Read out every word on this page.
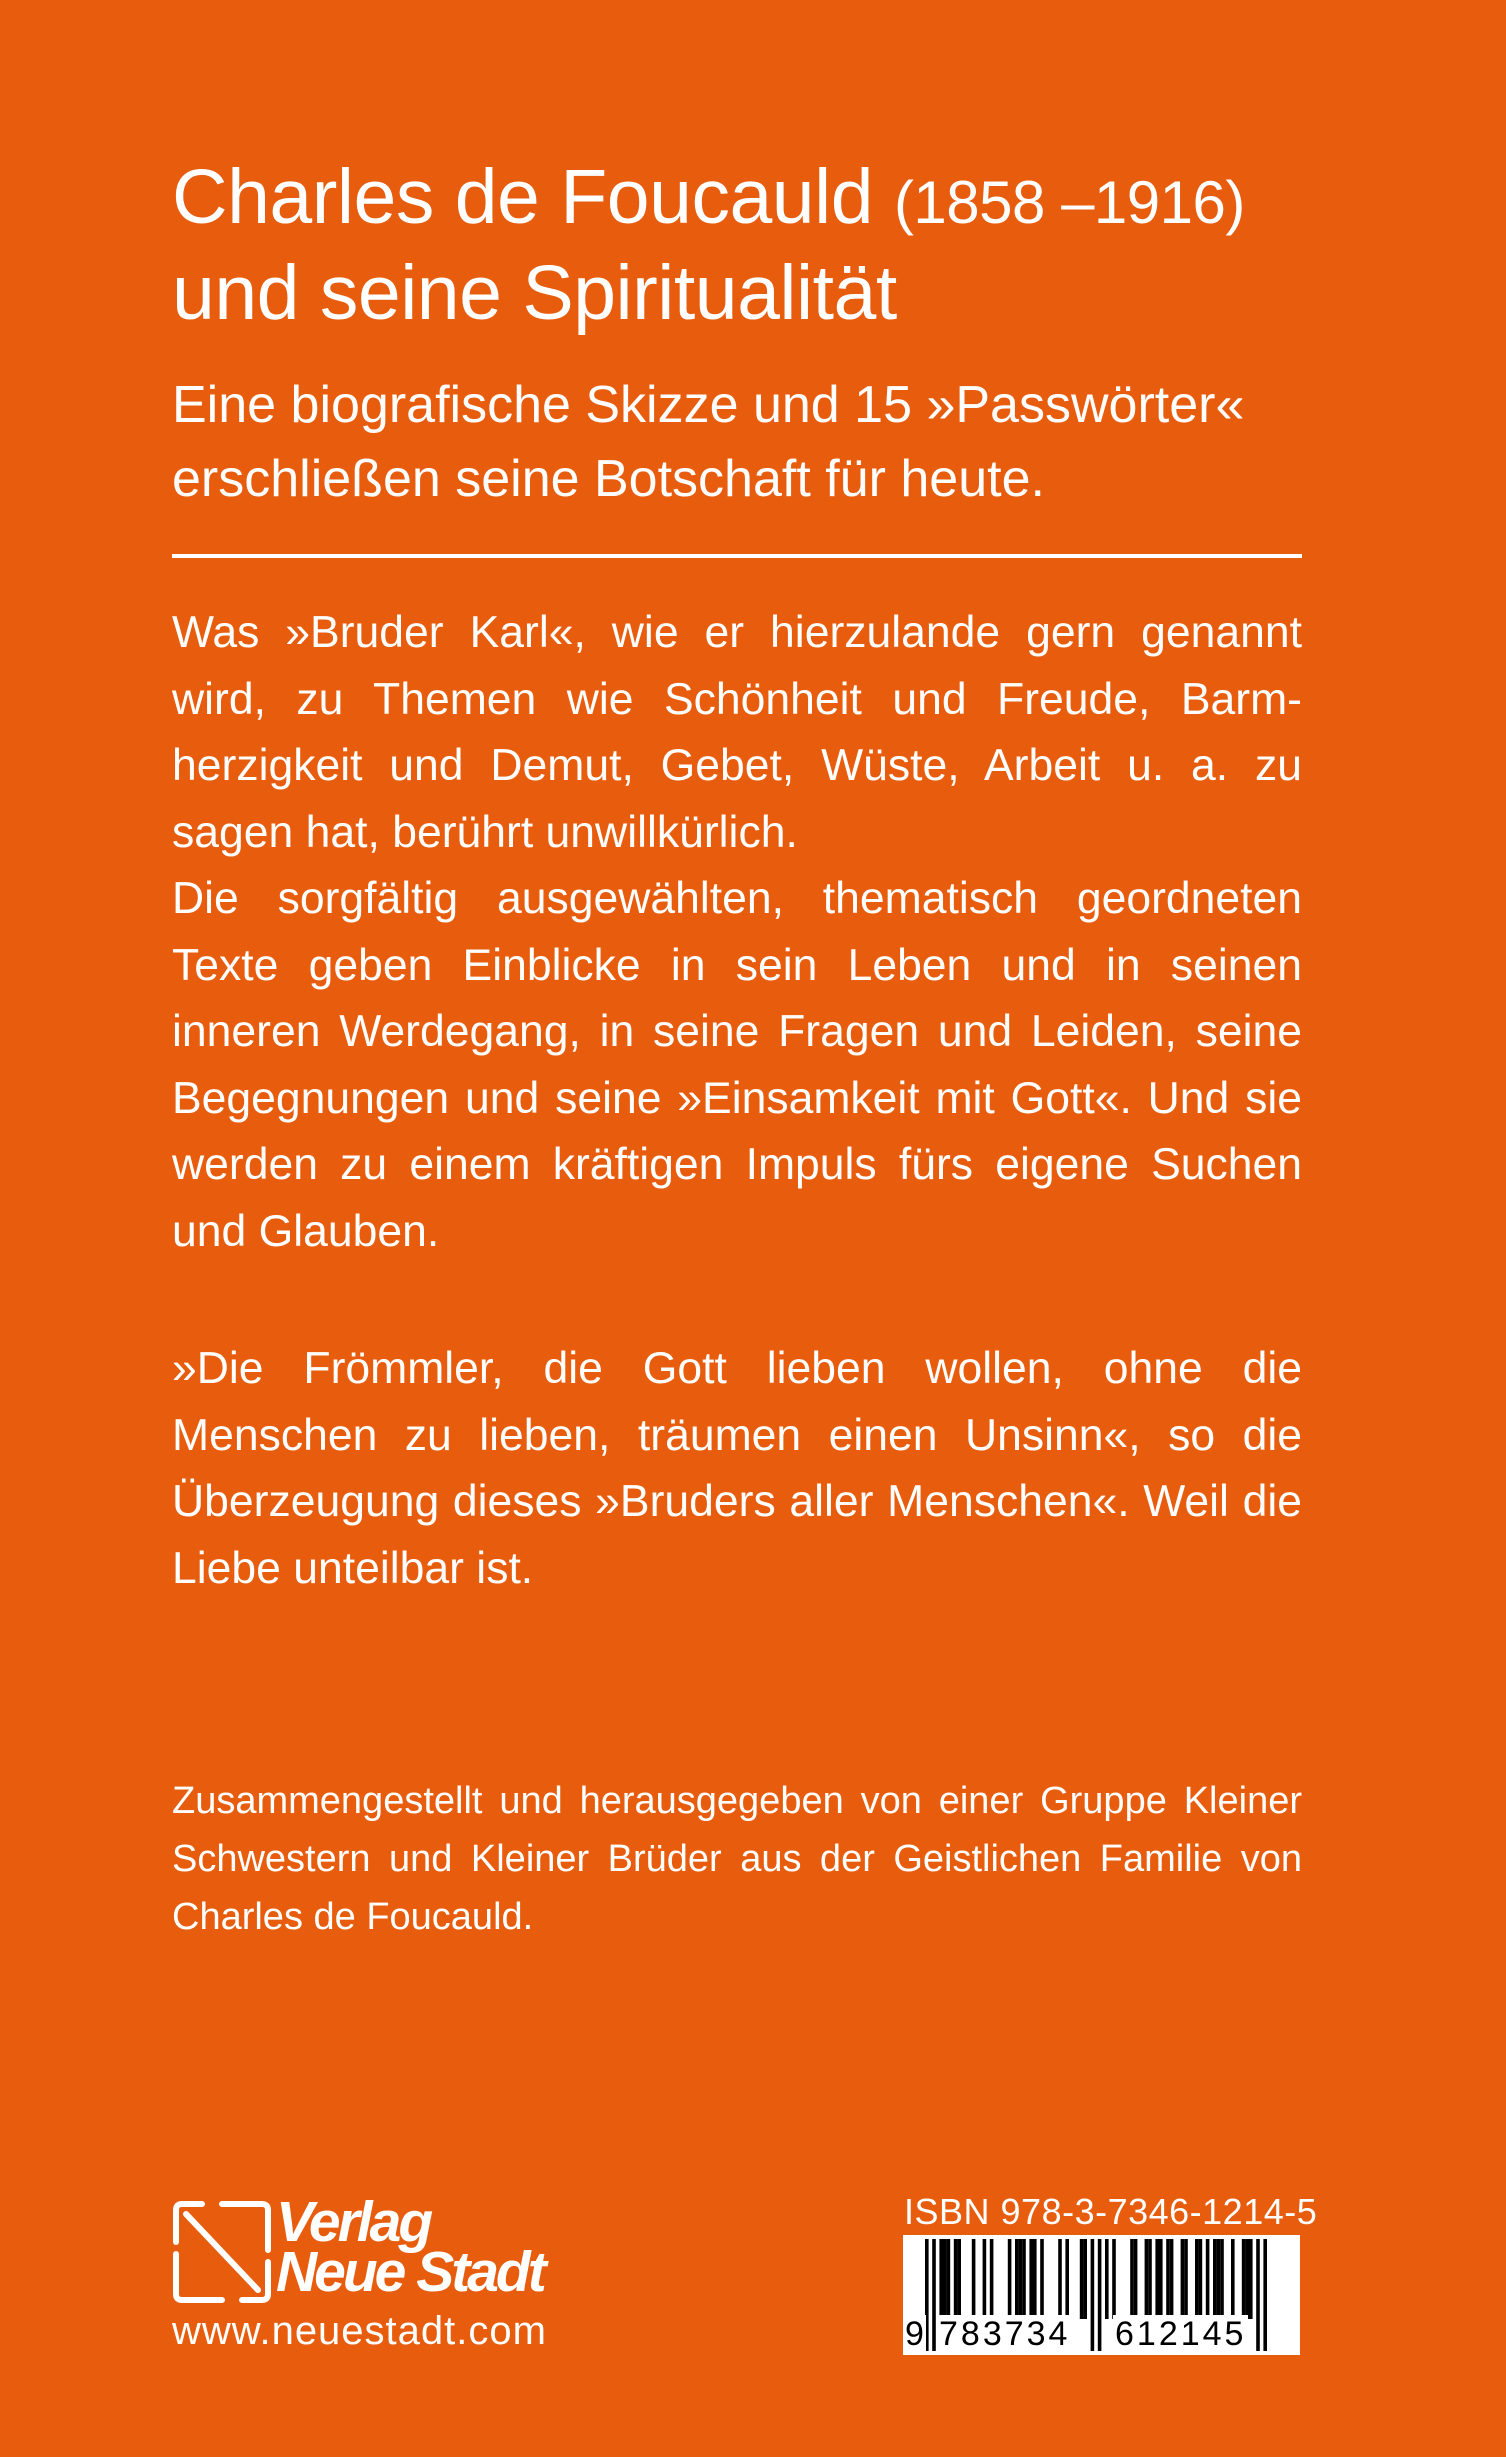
Charles de Foucauld (1858 –1916)
und seine Spiritualität
Eine biografische Skizze und 15 »Passwörter«
erschließen seine Botschaft für heute.

Was »Bruder Karl«, wie er hierzulande gern genannt wird, zu Themen wie Schönheit und Freude, Barmherzigkeit und Demut, Gebet, Wüste, Arbeit u. a. zu sagen hat, berührt unwillkürlich.

Die sorgfältig ausgewählten, thematisch geordneten Texte geben Einblicke in sein Leben und in seinen inneren Werdegang, in seine Fragen und Leiden, seine Begegnungen und seine »Einsamkeit mit Gott«. Und sie werden zu einem kräftigen Impuls fürs eigene Suchen und Glauben.

»Die Frömmler, die Gott lieben wollen, ohne die Menschen zu lieben, träumen einen Unsinn«, so die Überzeugung dieses »Bruders aller Menschen«. Weil die Liebe unteilbar ist.

Zusammengestellt und herausgegeben von einer Gruppe Kleiner Schwestern und Kleiner Brüder aus der Geistlichen Familie von Charles de Foucauld.

Verlag
Neue Stadt
www.neuestadt.com
ISBN 978-3-7346-1214-5
9 783734 612145
